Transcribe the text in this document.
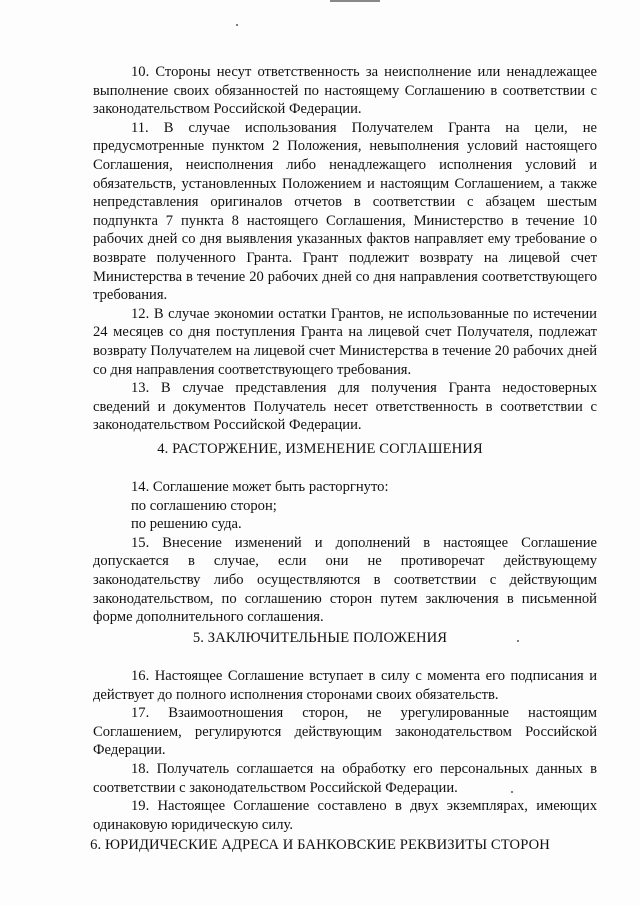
10. Стороны несут ответственность за неисполнение или ненадлежащее выполнение своих обязанностей по настоящему Соглашению в соответствии с законодательством Российской Федерации.

11. В случае использования Получателем Гранта на цели, не предусмотренные пунктом 2 Положения, невыполнения условий настоящего Соглашения, неисполнения либо ненадлежащего исполнения условий и обязательств, установленных Положением и настоящим Соглашением, а также непредставления оригиналов отчетов в соответствии с абзацем шестым подпункта 7 пункта 8 настоящего Соглашения, Министерство в течение 10 рабочих дней со дня выявления указанных фактов направляет ему требование о возврате полученного Гранта. Грант подлежит возврату на лицевой счет Министерства в течение 20 рабочих дней со дня направления соответствующего требования.

12. В случае экономии остатки Грантов, не использованные по истечении 24 месяцев со дня поступления Гранта на лицевой счет Получателя, подлежат возврату Получателем на лицевой счет Министерства в течение 20 рабочих дней со дня направления соответствующего требования.

13. В случае представления для получения Гранта недостоверных сведений и документов Получатель несет ответственность в соответствии с законодательством Российской Федерации.

4. РАСТОРЖЕНИЕ, ИЗМЕНЕНИЕ СОГЛАШЕНИЯ

14. Соглашение может быть расторгнуто:

по соглашению сторон;

по решению суда.

15. Внесение изменений и дополнений в настоящее Соглашение допускается в случае, если они не противоречат действующему законодательству либо осуществляются в соответствии с действующим законодательством, по соглашению сторон путем заключения в письменной форме дополнительного соглашения.

5. ЗАКЛЮЧИТЕЛЬНЫЕ ПОЛОЖЕНИЯ

16. Настоящее Соглашение вступает в силу с момента его подписания и действует до полного исполнения сторонами своих обязательств.

17. Взаимоотношения сторон, не урегулированные настоящим Соглашением, регулируются действующим законодательством Российской Федерации.

18. Получатель соглашается на обработку его персональных данных в соответствии с законодательством Российской Федерации.

19. Настоящее Соглашение составлено в двух экземплярах, имеющих одинаковую юридическую силу.

6. ЮРИДИЧЕСКИЕ АДРЕСА И БАНКОВСКИЕ РЕКВИЗИТЫ СТОРОН
